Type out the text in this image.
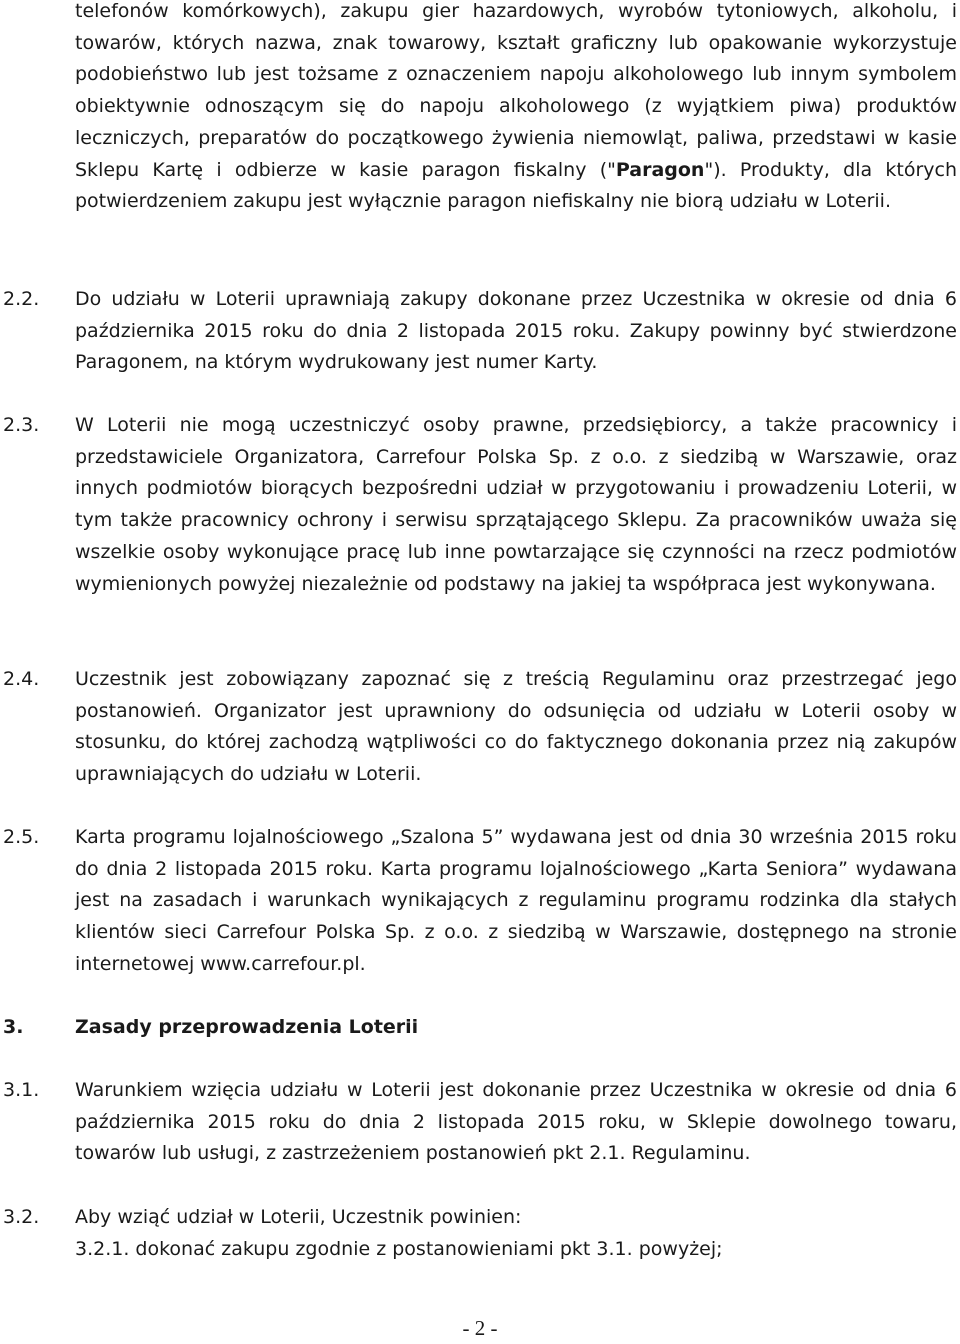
telefonów komórkowych), zakupu gier hazardowych, wyrobów tytoniowych, alkoholu, i towarów, których nazwa, znak towarowy, kształt graficzny lub opakowanie wykorzystuje podobieństwo lub jest tożsame z oznaczeniem napoju alkoholowego lub innym symbolem obiektywnie odnoszącym się do napoju alkoholowego (z wyjątkiem piwa) produktów leczniczych, preparatów do początkowego żywienia niemowląt, paliwa, przedstawi w kasie Sklepu Kartę i odbierze w kasie paragon fiskalny ("Paragon"). Produkty, dla których potwierdzeniem zakupu jest wyłącznie paragon niefiskalny nie biorą udziału w Loterii.
2.2. Do udziału w Loterii uprawniają zakupy dokonane przez Uczestnika w okresie od dnia 6 października 2015 roku do dnia 2 listopada 2015 roku. Zakupy powinny być stwierdzone Paragonem, na którym wydrukowany jest numer Karty.
2.3. W Loterii nie mogą uczestniczyć osoby prawne, przedsiębiorcy, a także pracownicy i przedstawiciele Organizatora, Carrefour Polska Sp. z o.o. z siedzibą w Warszawie, oraz innych podmiotów biorących bezpośredni udział w przygotowaniu i prowadzeniu Loterii, w tym także pracownicy ochrony i serwisu sprzątającego Sklepu. Za pracowników uważa się wszelkie osoby wykonujące pracę lub inne powtarzające się czynności na rzecz podmiotów wymienionych powyżej niezależnie od podstawy na jakiej ta współpraca jest wykonywana.
2.4. Uczestnik jest zobowiązany zapoznać się z treścią Regulaminu oraz przestrzegać jego postanowień. Organizator jest uprawniony do odsunięcia od udziału w Loterii osoby w stosunku, do której zachodzą wątpliwości co do faktycznego dokonania przez nią zakupów uprawniających do udziału w Loterii.
2.5. Karta programu lojalnościowego „Szalona 5” wydawana jest od dnia 30 września 2015 roku do dnia 2 listopada 2015 roku. Karta programu lojalnościowego „Karta Seniora” wydawana jest na zasadach i warunkach wynikających z regulaminu programu rodzinka dla stałych klientów sieci Carrefour Polska Sp. z o.o. z siedzibą w Warszawie, dostępnego na stronie internetowej www.carrefour.pl.
3.	Zasady przeprowadzenia Loterii
3.1. Warunkiem wzięcia udziału w Loterii jest dokonanie przez Uczestnika w okresie od dnia 6 października 2015 roku do dnia 2 listopada 2015 roku, w Sklepie dowolnego towaru, towarów lub usługi, z zastrzeżeniem postanowień pkt 2.1. Regulaminu.
3.2. Aby wziąć udział w Loterii, Uczestnik powinien:
3.2.1. dokonać zakupu zgodnie z postanowieniami pkt 3.1. powyżej;
- 2 -
